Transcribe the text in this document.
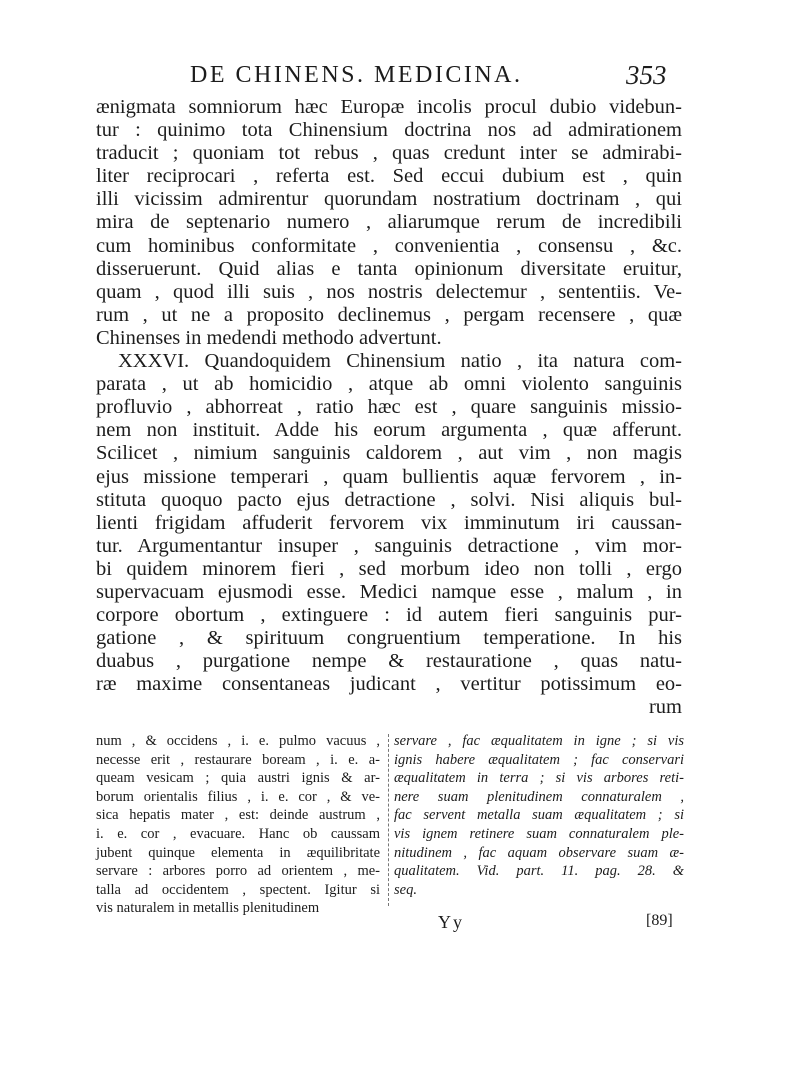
DE CHINENS. MEDICINA.	353
ænigmata somniorum hæc Europæ incolis procul dubio videbun-
tur : quinimo tota Chinensium doctrina nos ad admirationem
traducit ; quoniam tot rebus , quas credunt inter se admirabi-
liter reciprocari , referta est. Sed eccui dubium est , quin
illi vicissim admirentur quorundam nostratium doctrinam , qui
mira de septenario numero , aliarumque rerum de incredibili
cum hominibus conformitate , convenientia , consensu , &c.
disseruerunt. Quid alias e tanta opinionum diversitate eruitur,
quam , quod illi suis , nos nostris delectemur , sententiis. Ve-
rum , ut ne a proposito declinemus , pergam recensere , quæ
Chinenses in medendi methodo advertunt.
XXXVI. Quandoquidem Chinensium natio , ita natura com-
parata , ut ab homicidio , atque ab omni violento sanguinis
profluvio , abhorreat , ratio hæc est , quare sanguinis missio-
nem non instituit. Adde his eorum argumenta , quæ afferunt.
Scilicet , nimium sanguinis caldorem , aut vim , non magis
ejus missione temperari , quam bullientis aquæ fervorem , in-
stituta quoquo pacto ejus detractione , solvi. Nisi aliquis bul-
lienti frigidam affuderit fervorem vix imminutum iri caussan-
tur. Argumentantur insuper , sanguinis detractione , vim mor-
bi quidem minorem fieri , sed morbum ideo non tolli , ergo
supervacuam ejusmodi esse. Medici namque esse , malum , in
corpore obortum , extinguere : id autem fieri sanguinis pur-
gatione , & spirituum congruentium temperatione. In his
duabus , purgatione nempe & restauratione , quas natu-
ræ maxime consentaneas judicant , vertitur potissimum eo-
rum
num , & occidens , i. e. pulmo vacuus ,
necesse erit , restaurare boream , i. e. a-
queam vesicam ; quia austri ignis & ar-
borum orientalis filius , i. e. cor , & ve-
sica hepatis mater , est: deinde austrum ,
i. e. cor , evacuare. Hanc ob caussam
jubent quinque elementa in æquilibritate
servare : arbores porro ad orientem , me-
talla ad occidentem , spectent. Igitur si
vis naturalem in metallis plenitudinem
servare , fac æqualitatem in igne ; si vis
ignis habere æqualitatem ; fac conservari
æqualitatem in terra ; si vis arbores reti-
nere suam plenitudinem connaturalem ,
fac servent metalla suam æqualitatem ; si
vis ignem retinere suam connaturalem ple-
nitudinem , fac aquam observare suam æ-
qualitatem. Vid. part. 11. pag. 28. &
seq.
Yy	[89]
